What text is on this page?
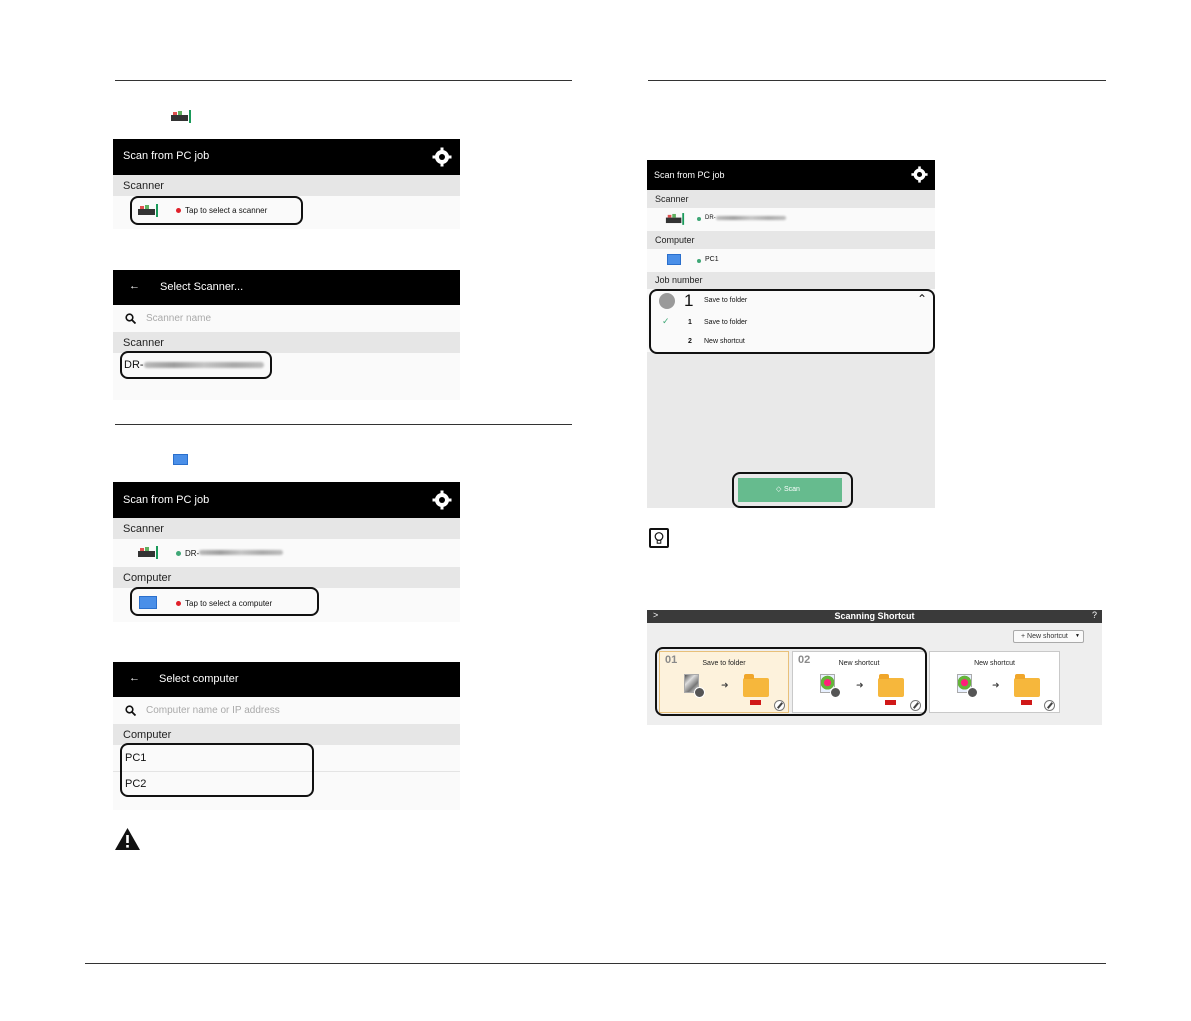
Scan from PC job
Scanner
Tap to select a scanner
← Select Scanner...
Scanner name
Scanner
DR-
Scan from PC job
Scanner
DR-
Computer
Tap to select a computer
← Select computer
Computer name or IP address
Computer
PC1
PC2
Scan from PC job
Scanner
DR-
Computer
PC1
Job number
1 Save to folder	⌃
✓	1 Save to folder
2 New shortcut
Scan
◇
>	Scanning Shortcut	?
+ New shortcut ▼
01	Save to folder
➜
02	New shortcut
➜
New shortcut
➜
